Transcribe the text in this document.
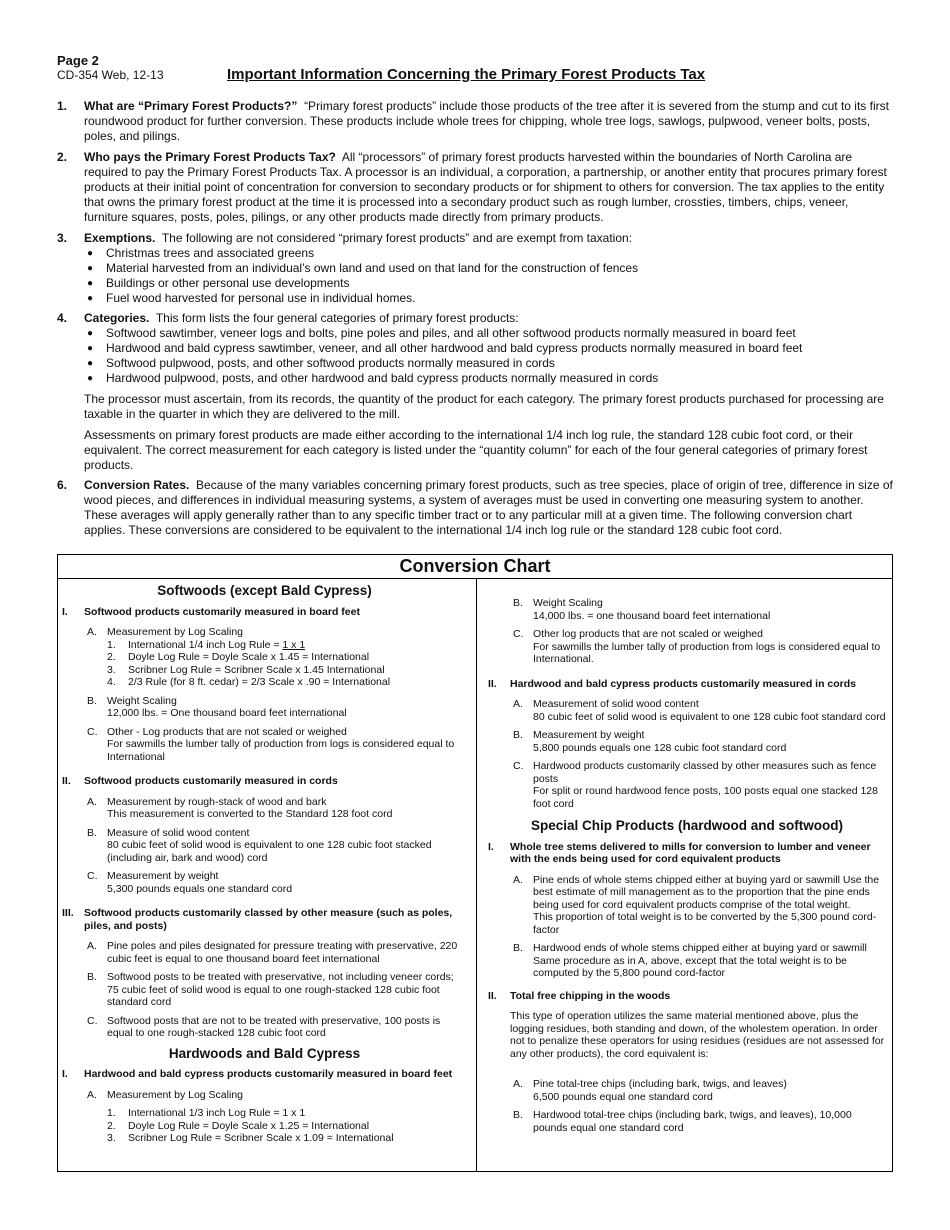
Page 2
CD-354 Web, 12-13	Important Information Concerning the Primary Forest Products Tax
1. What are “Primary Forest Products?” “Primary forest products” include those products of the tree after it is severed from the stump and cut to its first roundwood product for further conversion. These products include whole trees for chipping, whole tree logs, sawlogs, pulpwood, veneer bolts, posts, poles, and pilings.
2. Who pays the Primary Forest Products Tax? All “processors” of primary forest products harvested within the boundaries of North Carolina are required to pay the Primary Forest Products Tax. A processor is an individual, a corporation, a partnership, or another entity that procures primary forest products at their initial point of concentration for conversion to secondary products or for shipment to others for conversion. The tax applies to the entity that owns the primary forest product at the time it is processed into a secondary product such as rough lumber, crossties, timbers, chips, veneer, furniture squares, posts, poles, pilings, or any other products made directly from primary products.
3. Exemptions. The following are not considered “primary forest products” and are exempt from taxation:
● Christmas trees and associated greens
● Material harvested from an individual’s own land and used on that land for the construction of fences
● Buildings or other personal use developments
● Fuel wood harvested for personal use in individual homes.
4. Categories. This form lists the four general categories of primary forest products:
● Softwood sawtimber, veneer logs and bolts, pine poles and piles, and all other softwood products normally measured in board feet
● Hardwood and bald cypress sawtimber, veneer, and all other hardwood and bald cypress products normally measured in board feet
● Softwood pulpwood, posts, and other softwood products normally measured in cords
● Hardwood pulpwood, posts, and other hardwood and bald cypress products normally measured in cords
The processor must ascertain, from its records, the quantity of the product for each category. The primary forest products purchased for processing are taxable in the quarter in which they are delivered to the mill.
Assessments on primary forest products are made either according to the international 1/4 inch log rule, the standard 128 cubic foot cord, or their equivalent. The correct measurement for each category is listed under the “quantity column” for each of the four general categories of primary forest products.
6. Conversion Rates. Because of the many variables concerning primary forest products, such as tree species, place of origin of tree, difference in size of wood pieces, and differences in individual measuring systems, a system of averages must be used in converting one measuring system to another. These averages will apply generally rather than to any specific timber tract or to any particular mill at a given time. The following conversion chart applies. These conversions are considered to be equivalent to the international 1/4 inch log rule or the standard 128 cubic foot cord.
Conversion Chart
Softwoods (except Bald Cypress)
I. Softwood products customarily measured in board feet
A. Measurement by Log Scaling
1. International 1/4 inch Log Rule = 1 x 1
2. Doyle Log Rule = Doyle Scale x 1.45 = International
3. Scribner Log Rule = Scribner Scale x 1.45 International
4. 2/3 Rule (for 8 ft. cedar) = 2/3 Scale x .90 = International
B. Weight Scaling
12,000 lbs. = One thousand board feet international
C. Other - Log products that are not scaled or weighed
For sawmills the lumber tally of production from logs is considered equal to International
II. Softwood products customarily measured in cords
A. Measurement by rough-stack of wood and bark
This measurement is converted to the Standard 128 foot cord
B. Measure of solid wood content
80 cubic feet of solid wood is equivalent to one 128 cubic foot stacked (including air, bark and wood) cord
C. Measurement by weight
5,300 pounds equals one standard cord
III. Softwood products customarily classed by other measure (such as poles, piles, and posts)
A. Pine poles and piles designated for pressure treating with preservative, 220 cubic feet is equal to one thousand board feet international
B. Softwood posts to be treated with preservative, not including veneer cords; 75 cubic feet of solid wood is equal to one rough-stacked 128 cubic foot standard cord
C. Softwood posts that are not to be treated with preservative, 100 posts is equal to one rough-stacked 128 cubic foot cord
Hardwoods and Bald Cypress
I. Hardwood and bald cypress products customarily measured in board feet
A. Measurement by Log Scaling
1. International 1/3 inch Log Rule = 1 x 1
2. Doyle Log Rule = Doyle Scale x 1.25 = International
3. Scribner Log Rule = Scribner Scale x 1.09 = International
B. Weight Scaling
14,000 lbs. = one thousand board feet international
C. Other log products that are not scaled or weighed
For sawmills the lumber tally of production from logs is considered equal to International.
II. Hardwood and bald cypress products customarily measured in cords
A. Measurement of solid wood content
80 cubic feet of solid wood is equivalent to one 128 cubic foot standard cord
B. Measurement by weight
5,800 pounds equals one 128 cubic foot standard cord
C. Hardwood products customarily classed by other measures such as fence posts
For split or round hardwood fence posts, 100 posts equal one stacked 128 foot cord
Special Chip Products (hardwood and softwood)
I. Whole tree stems delivered to mills for conversion to lumber and veneer with the ends being used for cord equivalent products
A. Pine ends of whole stems chipped either at buying yard or sawmill Use the best estimate of mill management as to the proportion that the pine ends being used for cord equivalent products comprise of the total weight.
This proportion of total weight is to be converted by the 5,300 pound cord-factor
B. Hardwood ends of whole stems chipped either at buying yard or sawmill Same procedure as in A, above, except that the total weight is to be computed by the 5,800 pound cord-factor
II. Total free chipping in the woods
This type of operation utilizes the same material mentioned above, plus the logging residues, both standing and down, of the wholestem operation. In order not to penalize these operators for using residues (residues are not assessed for any other products), the cord equivalent is:
A. Pine total-tree chips (including bark, twigs, and leaves)
6,500 pounds equal one standard cord
B. Hardwood total-tree chips (including bark, twigs, and leaves), 10,000 pounds equal one standard cord
